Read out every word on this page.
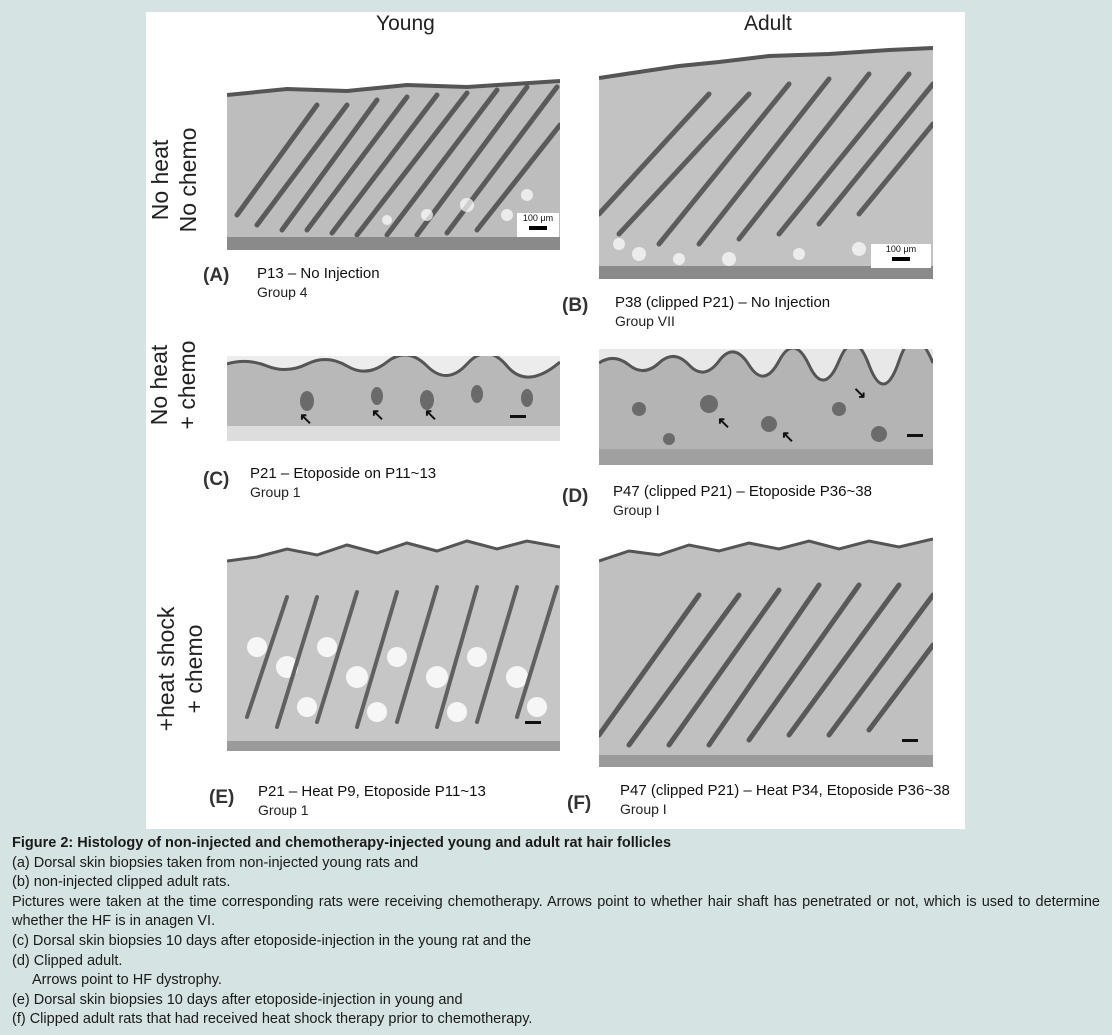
Young	Adult
No heat No chemo
No heat + chemo
+heat shock + chemo
100 μm
(A) P13 – No Injection
Group 4
100 μm
(B) P38 (clipped P21) – No Injection
Group VII
↖	↖ ↖
(C) P21 – Etoposide on P11~13
Group 1
↖
↖
↘
(D) P47 (clipped P21) – Etoposide P36~38
Group I
(E) P21 – Heat P9, Etoposide P11~13
Group 1	(F)
P47 (clipped P21) – Heat P34, Etoposide P36~38
Group I
Figure 2: Histology of non-injected and chemotherapy-injected young and adult rat hair follicles
(a) Dorsal skin biopsies taken from non-injected young rats and
(b) non-injected clipped adult rats.
Pictures were taken at the time corresponding rats were receiving chemotherapy. Arrows point to whether hair shaft has penetrated or not, which is used to determine whether the HF is in anagen VI.
(c) Dorsal skin biopsies 10 days after etoposide-injection in the young rat and the
(d) Clipped adult.
Arrows point to HF dystrophy.
(e) Dorsal skin biopsies 10 days after etoposide-injection in young and
(f) Clipped adult rats that had received heat shock therapy prior to chemotherapy.
